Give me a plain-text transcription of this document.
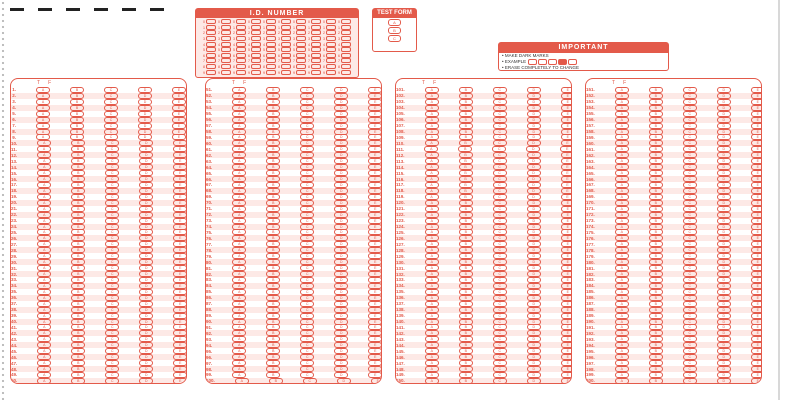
I.D. NUMBER
0	0	0	0	0	0	0	0	0	0
1	1	1	1	1	1	1	1	1	1
2	2	2	2	2	2	2	2	2	2
3	3	3	3	3	3	3	3	3	3
4	4	4	4	4	4	4	4	4	4
5	5	5	5	5	5	5	5	5	5
6	6	6	6	6	6	6	6	6	6
7	7	7	7	7	7	7	7	7	7
8	8	8	8	8	8	8	8	8	8
9	9	9	9	9	9	9	9	9	9
TEST FORM
A
B
C
IMPORTANT
• MAKE DARK MARKS
• EXAMPLE
• ERASE COMPLETELY TO CHANGE
T F
1.	A	B	C	D	E
2.	A	B	C	D	E
3.	A	B	C	D	E
4.	A	B	C	D	E
5.	A	B	C	D	E
6.	A	B	C	D	E
7.	A	B	C	D	E
8.	A	B	C	D	E
9.	A	B	C	D	E
10.	A	B	C	D	E
11.	A	B	C	D	E
12.	A	B	C	D	E
13.	A	B	C	D	E
14.	A	B	C	D	E
15.	A	B	C	D	E
16.	A	B	C	D	E
17.	A	B	C	D	E
18.	A	B	C	D	E
19.	A	B	C	D	E
20.	A	B	C	D	E
21.	A	B	C	D	E
22.	A	B	C	D	E
23.	A	B	C	D	E
24.	A	B	C	D	E
25.	A	B	C	D	E
26.	A	B	C	D	E
27.	A	B	C	D	E
28.	A	B	C	D	E
29.	A	B	C	D	E
30.	A	B	C	D	E
31.	A	B	C	D	E
32.	A	B	C	D	E
33.	A	B	C	D	E
34.	A	B	C	D	E
35.	A	B	C	D	E
36.	A	B	C	D	E
37.	A	B	C	D	E
38.	A	B	C	D	E
39.	A	B	C	D	E
40.	A	B	C	D	E
41.	A	B	C	D	E
42.	A	B	C	D	E
43.	A	B	C	D	E
44.	A	B	C	D	E
45.	A	B	C	D	E
46.	A	B	C	D	E
47.	A	B	C	D	E
48.	A	B	C	D	E
49.	A	B	C	D	E
50.	A	B	C	D	E
T F
51.	A	B	C	D	E
52.	A	B	C	D	E
53.	A	B	C	D	E
54.	A	B	C	D	E
55.	A	B	C	D	E
56.	A	B	C	D	E
57.	A	B	C	D	E
58.	A	B	C	D	E
59.	A	B	C	D	E
60.	A	B	C	D	E
61.	A	B	C	D	E
62.	A	B	C	D	E
63.	A	B	C	D	E
64.	A	B	C	D	E
65.	A	B	C	D	E
66.	A	B	C	D	E
67.	A	B	C	D	E
68.	A	B	C	D	E
69.	A	B	C	D	E
70.	A	B	C	D	E
71.	A	B	C	D	E
72.	A	B	C	D	E
73.	A	B	C	D	E
74.	A	B	C	D	E
75.	A	B	C	D	E
76.	A	B	C	D	E
77.	A	B	C	D	E
78.	A	B	C	D	E
79.	A	B	C	D	E
80.	A	B	C	D	E
81.	A	B	C	D	E
82.	A	B	C	D	E
83.	A	B	C	D	E
84.	A	B	C	D	E
85.	A	B	C	D	E
86.	A	B	C	D	E
87.	A	B	C	D	E
88.	A	B	C	D	E
89.	A	B	C	D	E
90.	A	B	C	D	E
91.	A	B	C	D	E
92.	A	B	C	D	E
93.	A	B	C	D	E
94.	A	B	C	D	E
95.	A	B	C	D	E
96.	A	B	C	D	E
97.	A	B	C	D	E
98.	A	B	C	D	E
99.	A	B	C	D	E
100.	A	B	C	D	E
T F
101.	A	B	C	D	E
102.	A	B	C	D	E
103.	A	B	C	D	E
104.	A	B	C	D	E
105.	A	B	C	D	E
106.	A	B	C	D	E
107.	A	B	C	D	E
108.	A	B	C	D	E
109.	A	B	C	D	E
110.	A	B	C	D	E
111.	A	B	C	D	E
112.	A	B	C	D	E
113.	A	B	C	D	E
114.	A	B	C	D	E
115.	A	B	C	D	E
116.	A	B	C	D	E
117.	A	B	C	D	E
118.	A	B	C	D	E
119.	A	B	C	D	E
120.	A	B	C	D	E
121.	A	B	C	D	E
122.	A	B	C	D	E
123.	A	B	C	D	E
124.	A	B	C	D	E
125.	A	B	C	D	E
126.	A	B	C	D	E
127.	A	B	C	D	E
128.	A	B	C	D	E
129.	A	B	C	D	E
130.	A	B	C	D	E
131.	A	B	C	D	E
132.	A	B	C	D	E
133.	A	B	C	D	E
134.	A	B	C	D	E
135.	A	B	C	D	E
136.	A	B	C	D	E
137.	A	B	C	D	E
138.	A	B	C	D	E
139.	A	B	C	D	E
140.	A	B	C	D	E
141.	A	B	C	D	E
142.	A	B	C	D	E
143.	A	B	C	D	E
144.	A	B	C	D	E
145.	A	B	C	D	E
146.	A	B	C	D	E
147.	A	B	C	D	E
148.	A	B	C	D	E
149.	A	B	C	D	E
150.	A	B	C	D	E
T F
151.	A	B	C	D	E
152.	A	B	C	D	E
153.	A	B	C	D	E
154.	A	B	C	D	E
155.	A	B	C	D	E
156.	A	B	C	D	E
157.	A	B	C	D	E
158.	A	B	C	D	E
159.	A	B	C	D	E
160.	A	B	C	D	E
161.	A	B	C	D	E
162.	A	B	C	D	E
163.	A	B	C	D	E
164.	A	B	C	D	E
165.	A	B	C	D	E
166.	A	B	C	D	E
167.	A	B	C	D	E
168.	A	B	C	D	E
169.	A	B	C	D	E
170.	A	B	C	D	E
171.	A	B	C	D	E
172.	A	B	C	D	E
173.	A	B	C	D	E
174.	A	B	C	D	E
175.	A	B	C	D	E
176.	A	B	C	D	E
177.	A	B	C	D	E
178.	A	B	C	D	E
179.	A	B	C	D	E
180.	A	B	C	D	E
181.	A	B	C	D	E
182.	A	B	C	D	E
183.	A	B	C	D	E
184.	A	B	C	D	E
185.	A	B	C	D	E
186.	A	B	C	D	E
187.	A	B	C	D	E
188.	A	B	C	D	E
189.	A	B	C	D	E
190.	A	B	C	D	E
191.	A	B	C	D	E
192.	A	B	C	D	E
193.	A	B	C	D	E
194.	A	B	C	D	E
195.	A	B	C	D	E
196.	A	B	C	D	E
197.	A	B	C	D	E
198.	A	B	C	D	E
199.	A	B	C	D	E
200.	A	B	C	D	E
